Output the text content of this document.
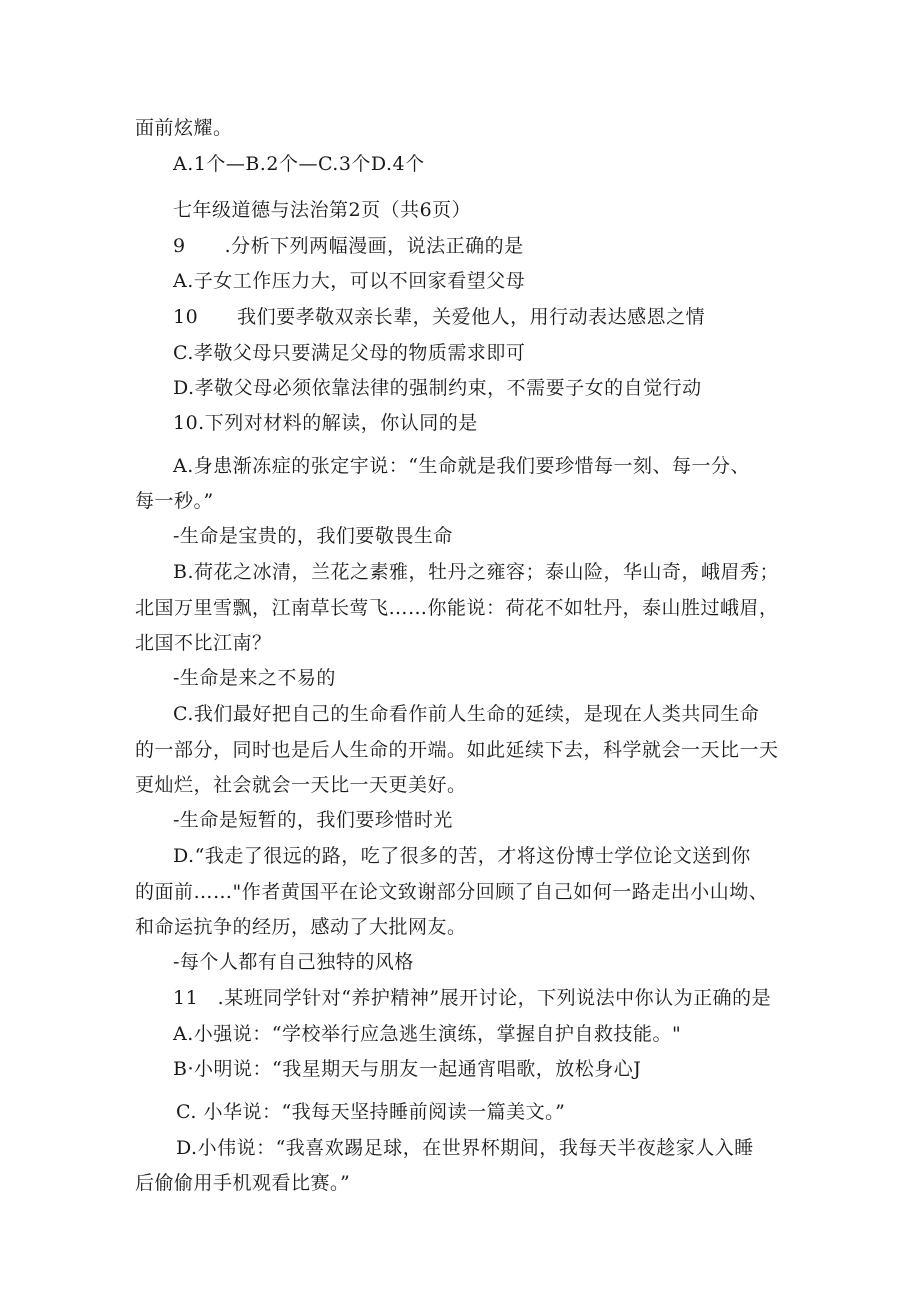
面前炫耀。
A.1个—B.2个—C.3个D.4个
七年级道德与法治第2页（共6页）
9　　.分析下列两幅漫画，说法正确的是
A.子女工作压力大，可以不回家看望父母
10　　我们要孝敬双亲长辈，关爱他人，用行动表达感恩之情
C.孝敬父母只要满足父母的物质需求即可
D.孝敬父母必须依靠法律的强制约束，不需要子女的自觉行动
10.下列对材料的解读，你认同的是
A.身患渐冻症的张定宇说：“生命就是我们要珍惜每一刻、每一分、
每一秒。”
-生命是宝贵的，我们要敬畏生命
B.荷花之冰清，兰花之素雅，牡丹之雍容；泰山险，华山奇，峨眉秀；
北国万里雪飘，江南草长莺飞……你能说：荷花不如牡丹，泰山胜过峨眉，
北国不比江南？
-生命是来之不易的
C.我们最好把自己的生命看作前人生命的延续，是现在人类共同生命
的一部分，同时也是后人生命的开端。如此延续下去，科学就会一天比一天
更灿烂，社会就会一天比一天更美好。
-生命是短暂的，我们要珍惜时光
D.“我走了很远的路，吃了很多的苦，才将这份博士学位论文送到你
的面前……"作者黄国平在论文致谢部分回顾了自己如何一路走出小山坳、
和命运抗争的经历，感动了大批网友。
-每个人都有自己独特的风格
11　.某班同学针对“养护精神”展开讨论，下列说法中你认为正确的是
A.小强说：“学校举行应急逃生演练，掌握自护自救技能。"
B·小明说：“我星期天与朋友一起通宵唱歌，放松身心J
C. 小华说：“我每天坚持睡前阅读一篇美文。”
D.小伟说：“我喜欢踢足球，在世界杯期间，我每天半夜趁家人入睡
后偷偷用手机观看比赛。”
